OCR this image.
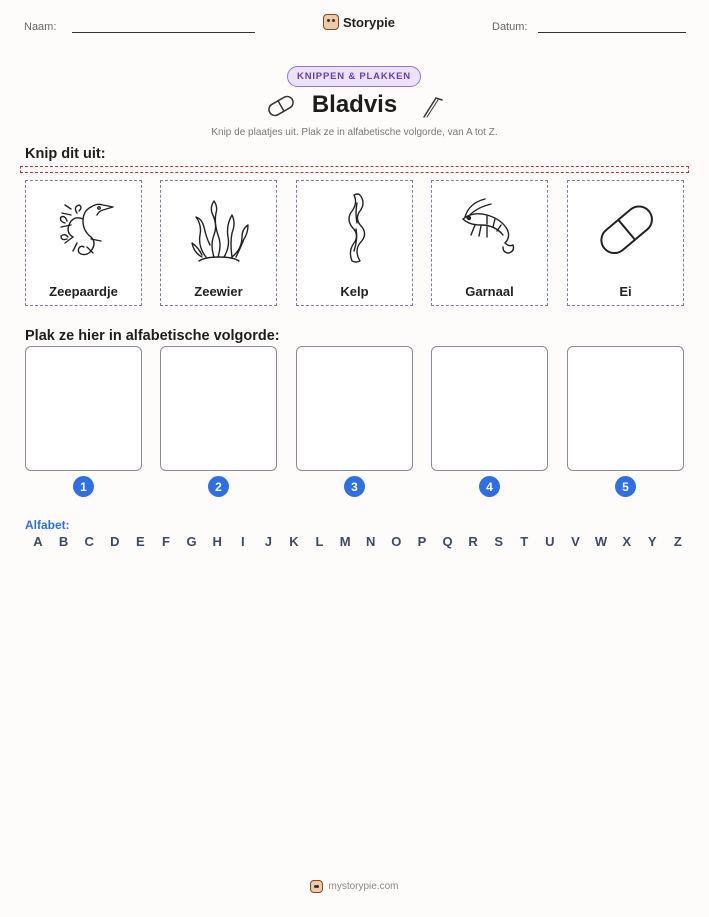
Naam:	Storypie	Datum:
KNIPPEN & PLAKKEN
Bladvis
Knip de plaatjes uit. Plak ze in alfabetische volgorde, van A tot Z.
Knip dit uit:
Zeepaardje	Zeewier	Kelp	Garnaal	Ei
Plak ze hier in alfabetische volgorde:
1	2	3	4	5
Alfabet:
A	B	C	D	E	F	G	H	I	J	K	L	M	N	O	P	Q	R	S	T	U	V	W	X	Y	Z
mystorypie.com
